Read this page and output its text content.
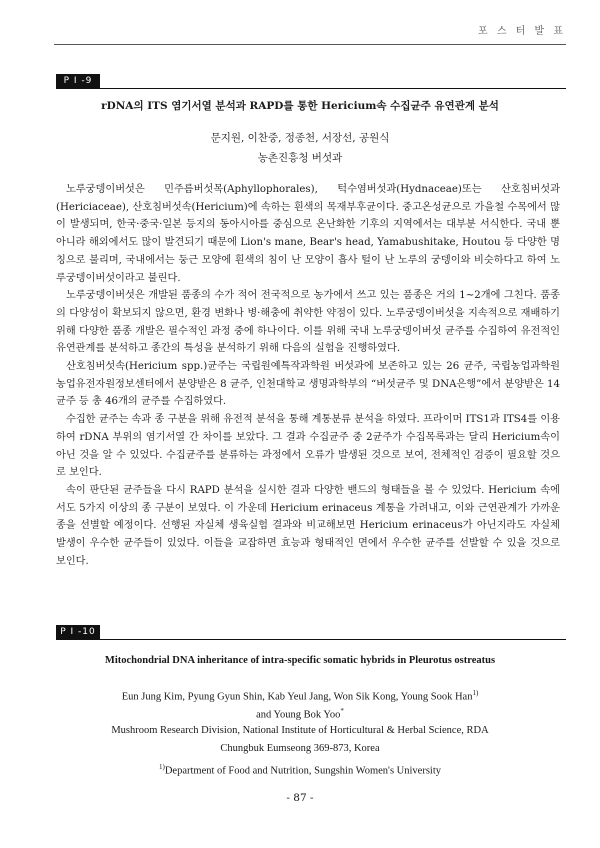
포 스 터 발 표
P I -9
rDNA의 ITS 염기서열 분석과 RAPD를 통한 Hericium속 수집균주 유연관계 분석
문지원, 이찬중, 정종천, 서장선, 공원식
농촌진흥청 버섯과

노루궁뎅이버섯은 민주름버섯목(Aphyllophorales), 턱수염버섯과(Hydnaceae)또는 산호침버섯과(Hericiaceae), 산호침버섯속(Hericium)에 속하는 흰색의 목재부후균이다. 중고온성균으로 가을철 수목에서 많이 발생되며, 한국·중국·일본 등지의 동아시아를 중심으로 온난화한 기후의 지역에서는 대부분 서식한다. 국내 뿐 아니라 해외에서도 많이 발견되기 때문에 Lion's mane, Bear's head, Yamabushitake, Houtou 등 다양한 명칭으로 불리며, 국내에서는 둥근 모양에 흰색의 침이 난 모양이 흡사 털이 난 노루의 궁뎅이와 비슷하다고 하여 노루궁뎅이버섯이라고 불린다.

노루궁뎅이버섯은 개발된 품종의 수가 적어 전국적으로 농가에서 쓰고 있는 품종은 거의 1∼2개에 그친다. 품종의 다양성이 확보되지 않으면, 환경 변화나 병·해충에 취약한 약점이 있다. 노루궁뎅이버섯을 지속적으로 재배하기 위해 다양한 품종 개발은 필수적인 과정 중에 하나이다. 이를 위해 국내 노루궁뎅이버섯 균주를 수집하여 유전적인 유연관계를 분석하고 종간의 특성을 분석하기 위해 다음의 실험을 진행하였다.

산호침버섯속(Hericium spp.)균주는 국립원예특작과학원 버섯과에 보존하고 있는 26 균주, 국립농업과학원 농업유전자원정보센터에서 분양받은 8 균주, 인천대학교 생명과학부의 “버섯균주 및 DNA은행”에서 분양받은 14균주 등 총 46개의 균주를 수집하였다.

수집한 균주는 속과 종 구분을 위해 유전적 분석을 통해 계통분류 분석을 하였다. 프라이머 ITS1과 ITS4를 이용하여 rDNA 부위의 염기서열 간 차이를 보았다. 그 결과 수집균주 중 2균주가 수집목록과는 달리 Hericium속이 아닌 것을 알 수 있었다. 수집균주를 분류하는 과정에서 오류가 발생된 것으로 보여, 전체적인 검증이 필요할 것으로 보인다.

속이 판단된 균주들을 다시 RAPD 분석을 실시한 결과 다양한 밴드의 형태들을 볼 수 있었다. Hericium 속에서도 5가지 이상의 종 구분이 보였다. 이 가운데 Hericium erinaceus 계통을 가려내고, 이와 근연관계가 가까운 종을 선별할 예정이다. 선행된 자실체 생육실험 결과와 비교해보면 Hericium erinaceus가 아닌지라도 자실체 발생이 우수한 균주들이 있었다. 이들을 교잡하면 효능과 형태적인 면에서 우수한 균주를 선발할 수 있을 것으로 보인다.

P I -10
Mitochondrial DNA inheritance of intra-specific somatic hybrids in Pleurotus ostreatus
Eun Jung Kim, Pyung Gyun Shin, Kab Yeul Jang, Won Sik Kong, Young Sook Han$^{1)}$
and Young Bok Yoo*
Mushroom Research Division, National Institute of Horticultural & Herbal Science, RDA
Chungbuk Eumseong 369-873, Korea
$^{1)}$Department of Food and Nutrition, Sungshin Women's University
- 87 -
